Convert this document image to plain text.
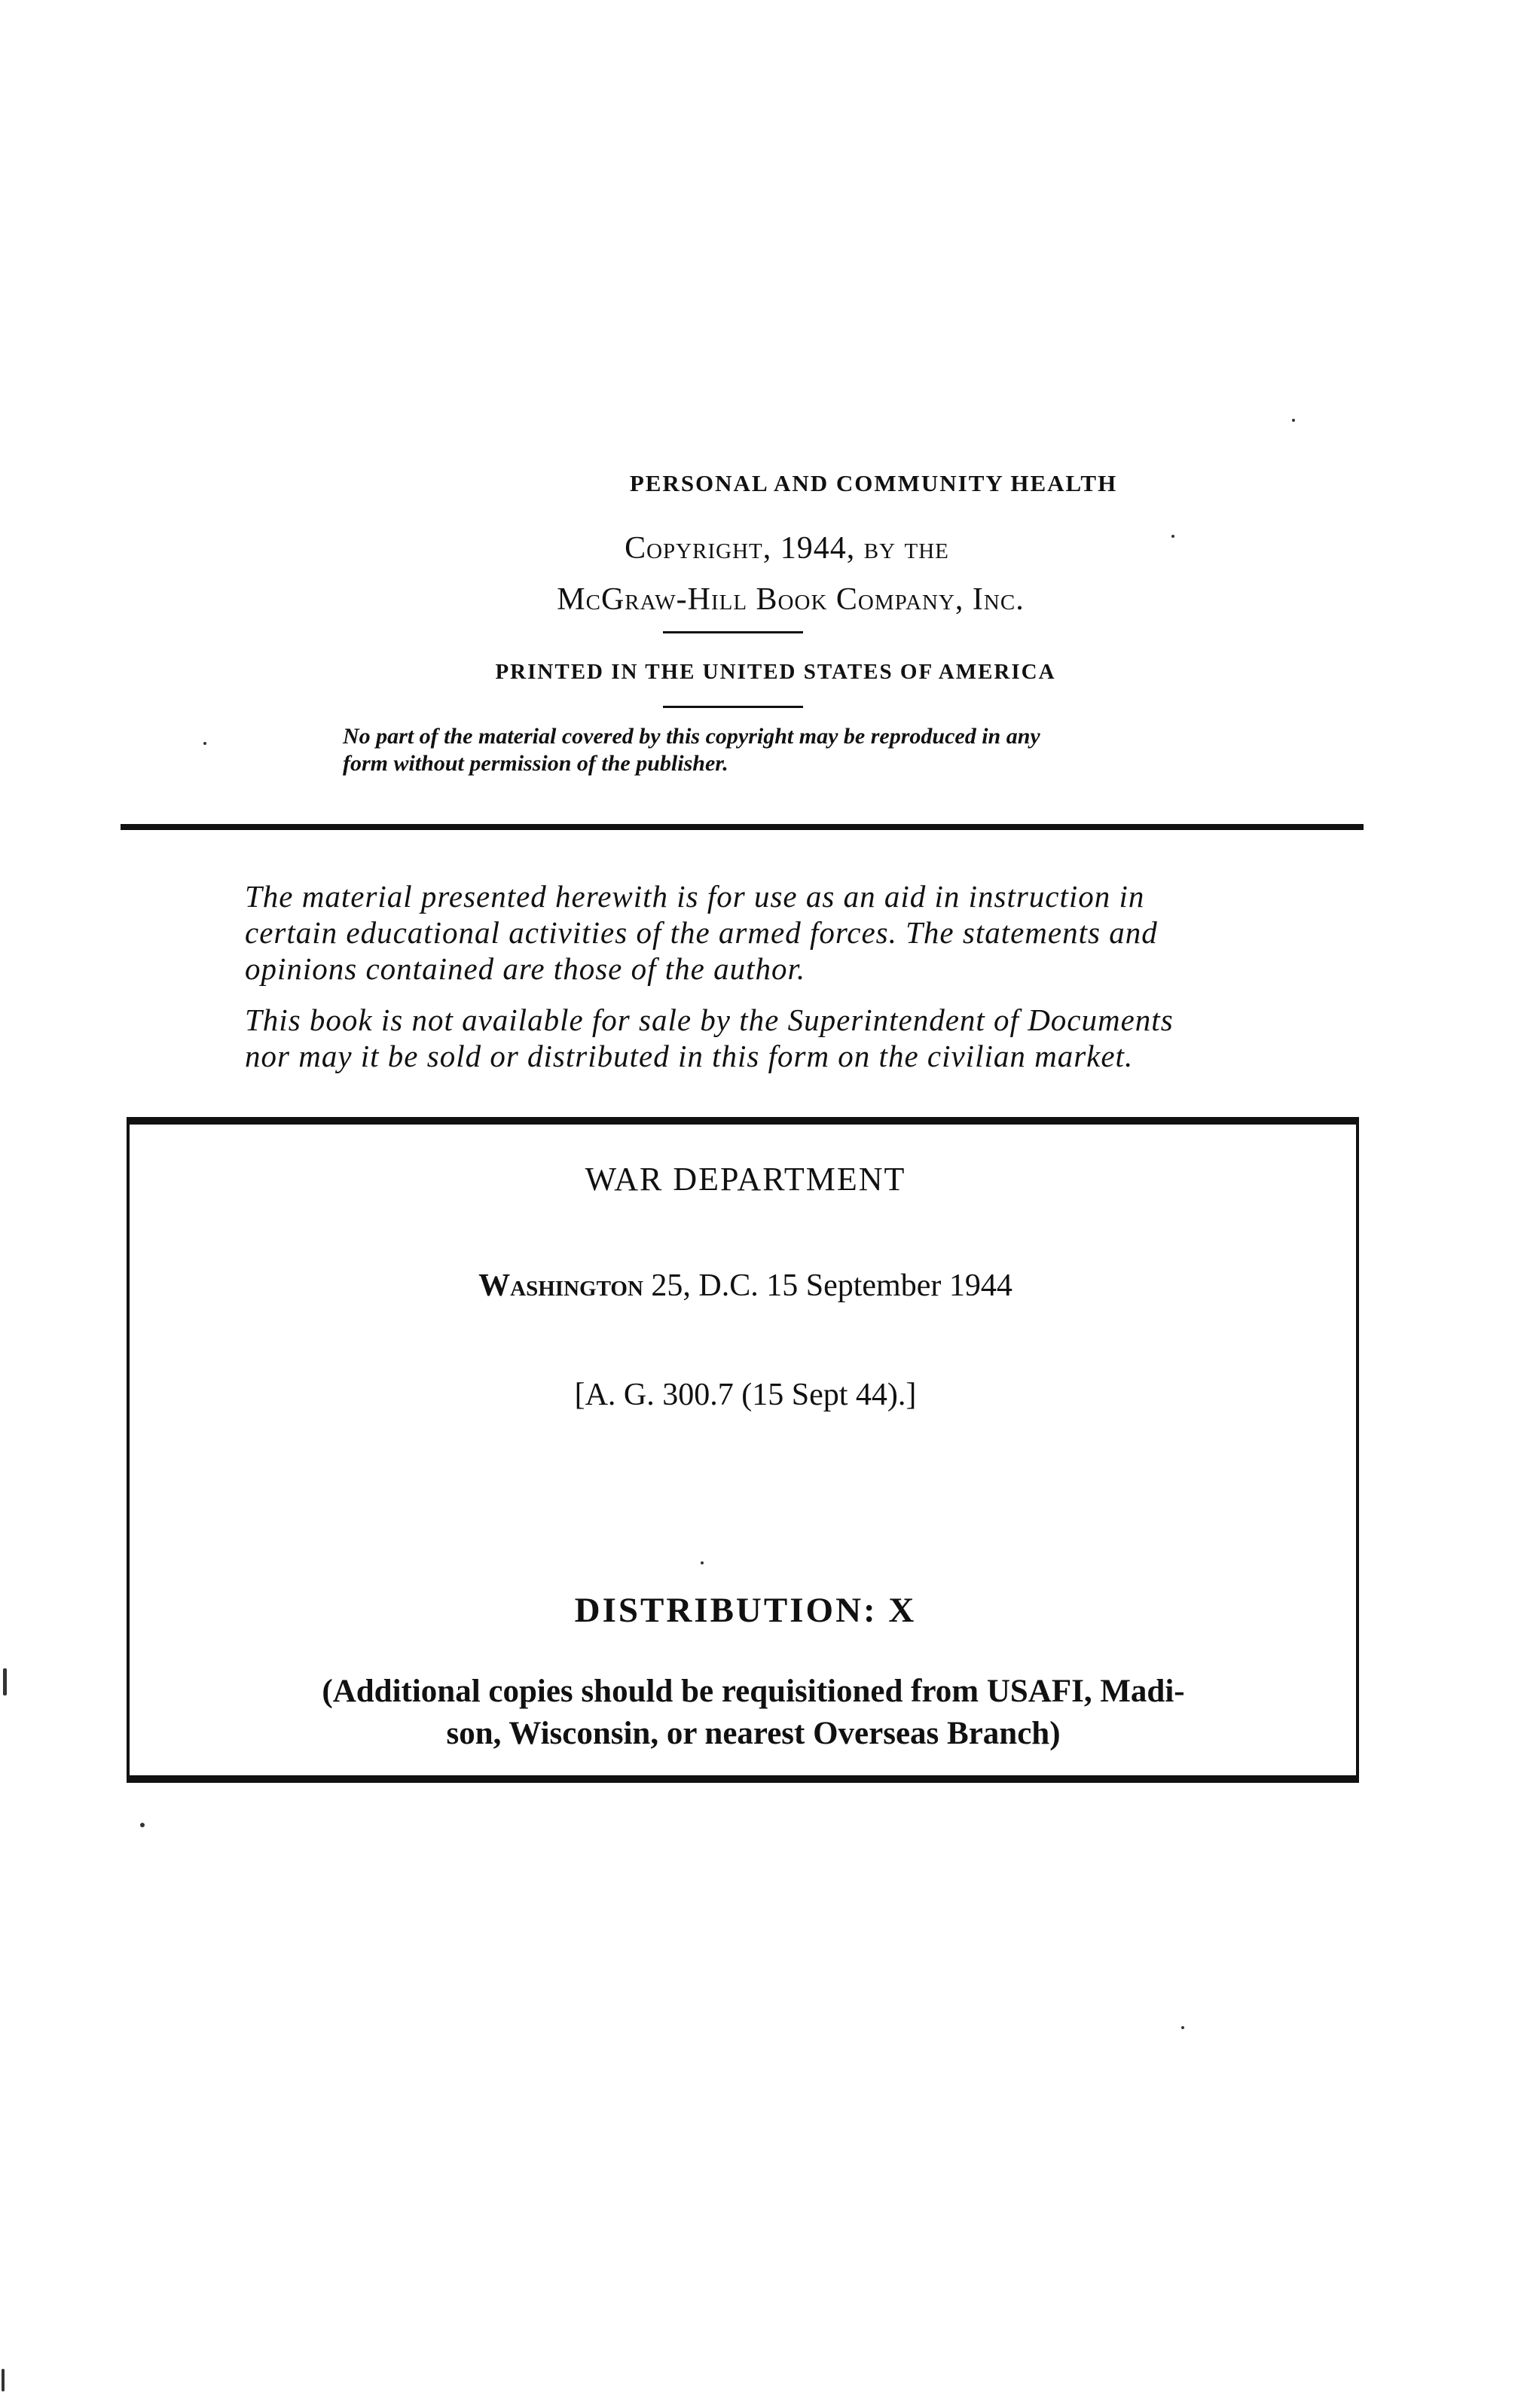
PERSONAL AND COMMUNITY HEALTH
Copyright, 1944, by the
McGraw-Hill Book Company, Inc.
PRINTED IN THE UNITED STATES OF AMERICA
No part of the material covered by this copyright may be reproduced in any
form without permission of the publisher.
The material presented herewith is for use as an aid in instruction in
certain educational activities of the armed forces. The statements and
opinions contained are those of the author.
This book is not available for sale by the Superintendent of Documents
nor may it be sold or distributed in this form on the civilian market.
WAR DEPARTMENT
Washington 25, D.C. 15 September 1944
[A. G. 300.7 (15 Sept 44).]
DISTRIBUTION: X
(Additional copies should be requisitioned from USAFI, Madi-
son, Wisconsin, or nearest Overseas Branch)
